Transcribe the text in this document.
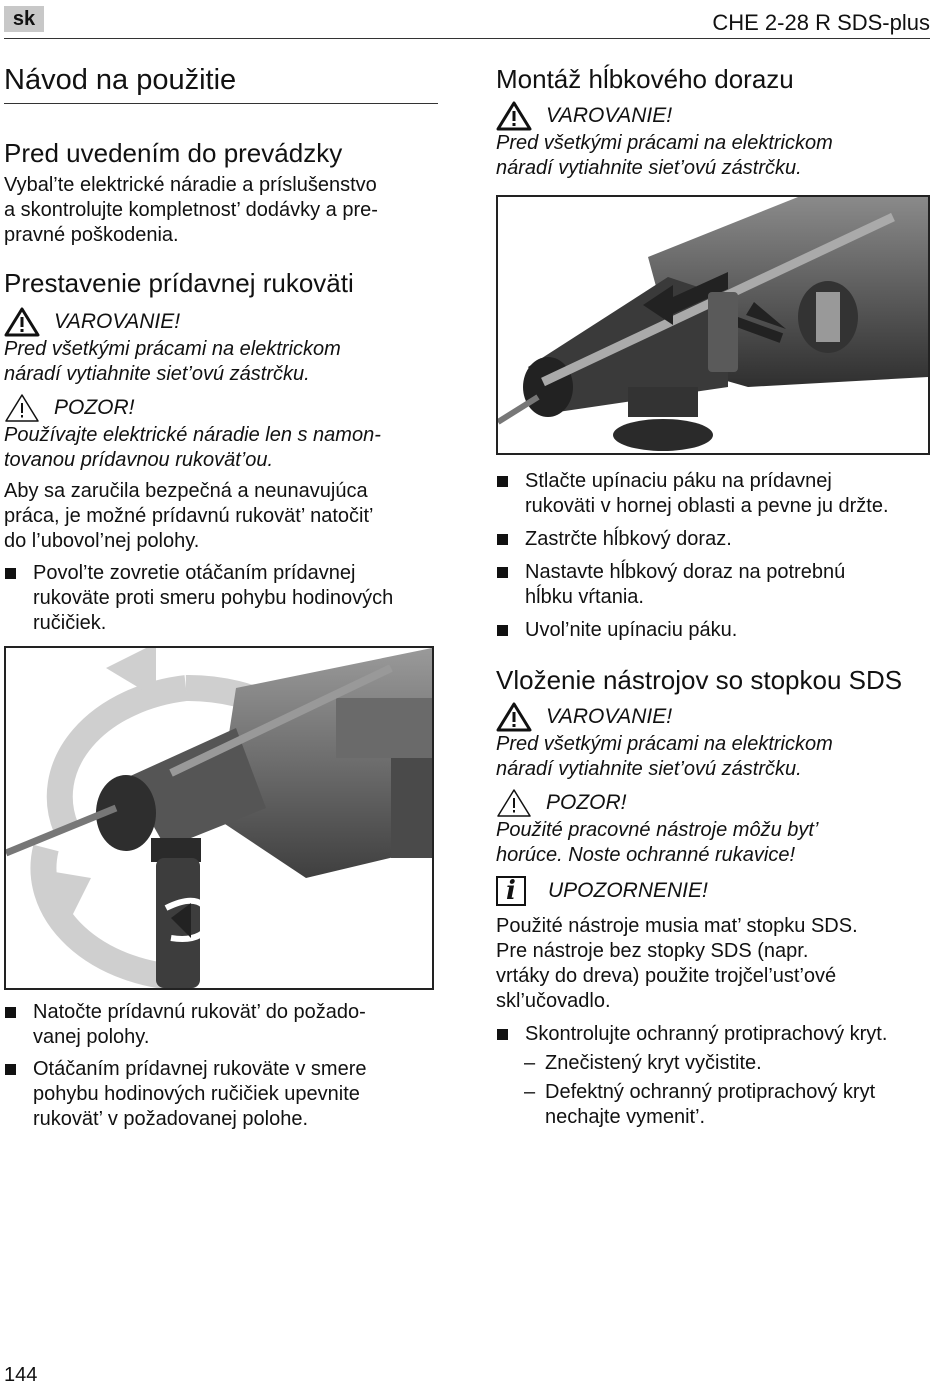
sk	CHE 2-28 R SDS-plus
Návod na použitie
Pred uvedením do prevádzky

Vybal’te elektrické náradie a príslušenstvo

a skontrolujte kompletnost’ dodávky a pre-

pravné poškodenia.

Prestavenie prídavnej rukoväti
VAROVANIE!

Pred všetkými prácami na elektrickom

náradí vytiahnite siet’ovú zástrčku.

POZOR!

Používajte elektrické náradie len s namon-

tovanou prídavnou rukovät’ou.

Aby sa zaručila bezpečná a neunavujúca

práca, je možné prídavnú rukovät’ natočit’

do l’ubovol’nej polohy.

Povol’te zovretie otáčaním prídavnej
rukoväte proti smeru pohybu hodinových
ručičiek.
Natočte prídavnú rukovät’ do požado-
vanej polohy.
Otáčaním prídavnej rukoväte v smere
pohybu hodinových ručičiek upevnite
rukovät’ v požadovanej polohe.
Montáž hĺbkového dorazu
VAROVANIE!

Pred všetkými prácami na elektrickom

náradí vytiahnite siet’ovú zástrčku.

Stlačte upínaciu páku na prídavnej
rukoväti v hornej oblasti a pevne ju držte.
Zastrčte hĺbkový doraz.
Nastavte hĺbkový doraz na potrebnú
hĺbku vŕtania.
Uvol’nite upínaciu páku.
Vloženie nástrojov so stopkou SDS
VAROVANIE!

Pred všetkými prácami na elektrickom

náradí vytiahnite siet’ovú zástrčku.

POZOR!

Použité pracovné nástroje môžu byt’

horúce. Noste ochranné rukavice!

i	UPOZORNENIE!

Použité nástroje musia mat’ stopku SDS.

Pre nástroje bez stopky SDS (napr.

vrtáky do dreva) použite trojčel’ust’ové

skl’učovadlo.

Skontrolujte ochranný protiprachový kryt.
– Znečistený kryt vyčistite.
– Defektný ochranný protiprachový kryt
nechajte vymenit’.
144
